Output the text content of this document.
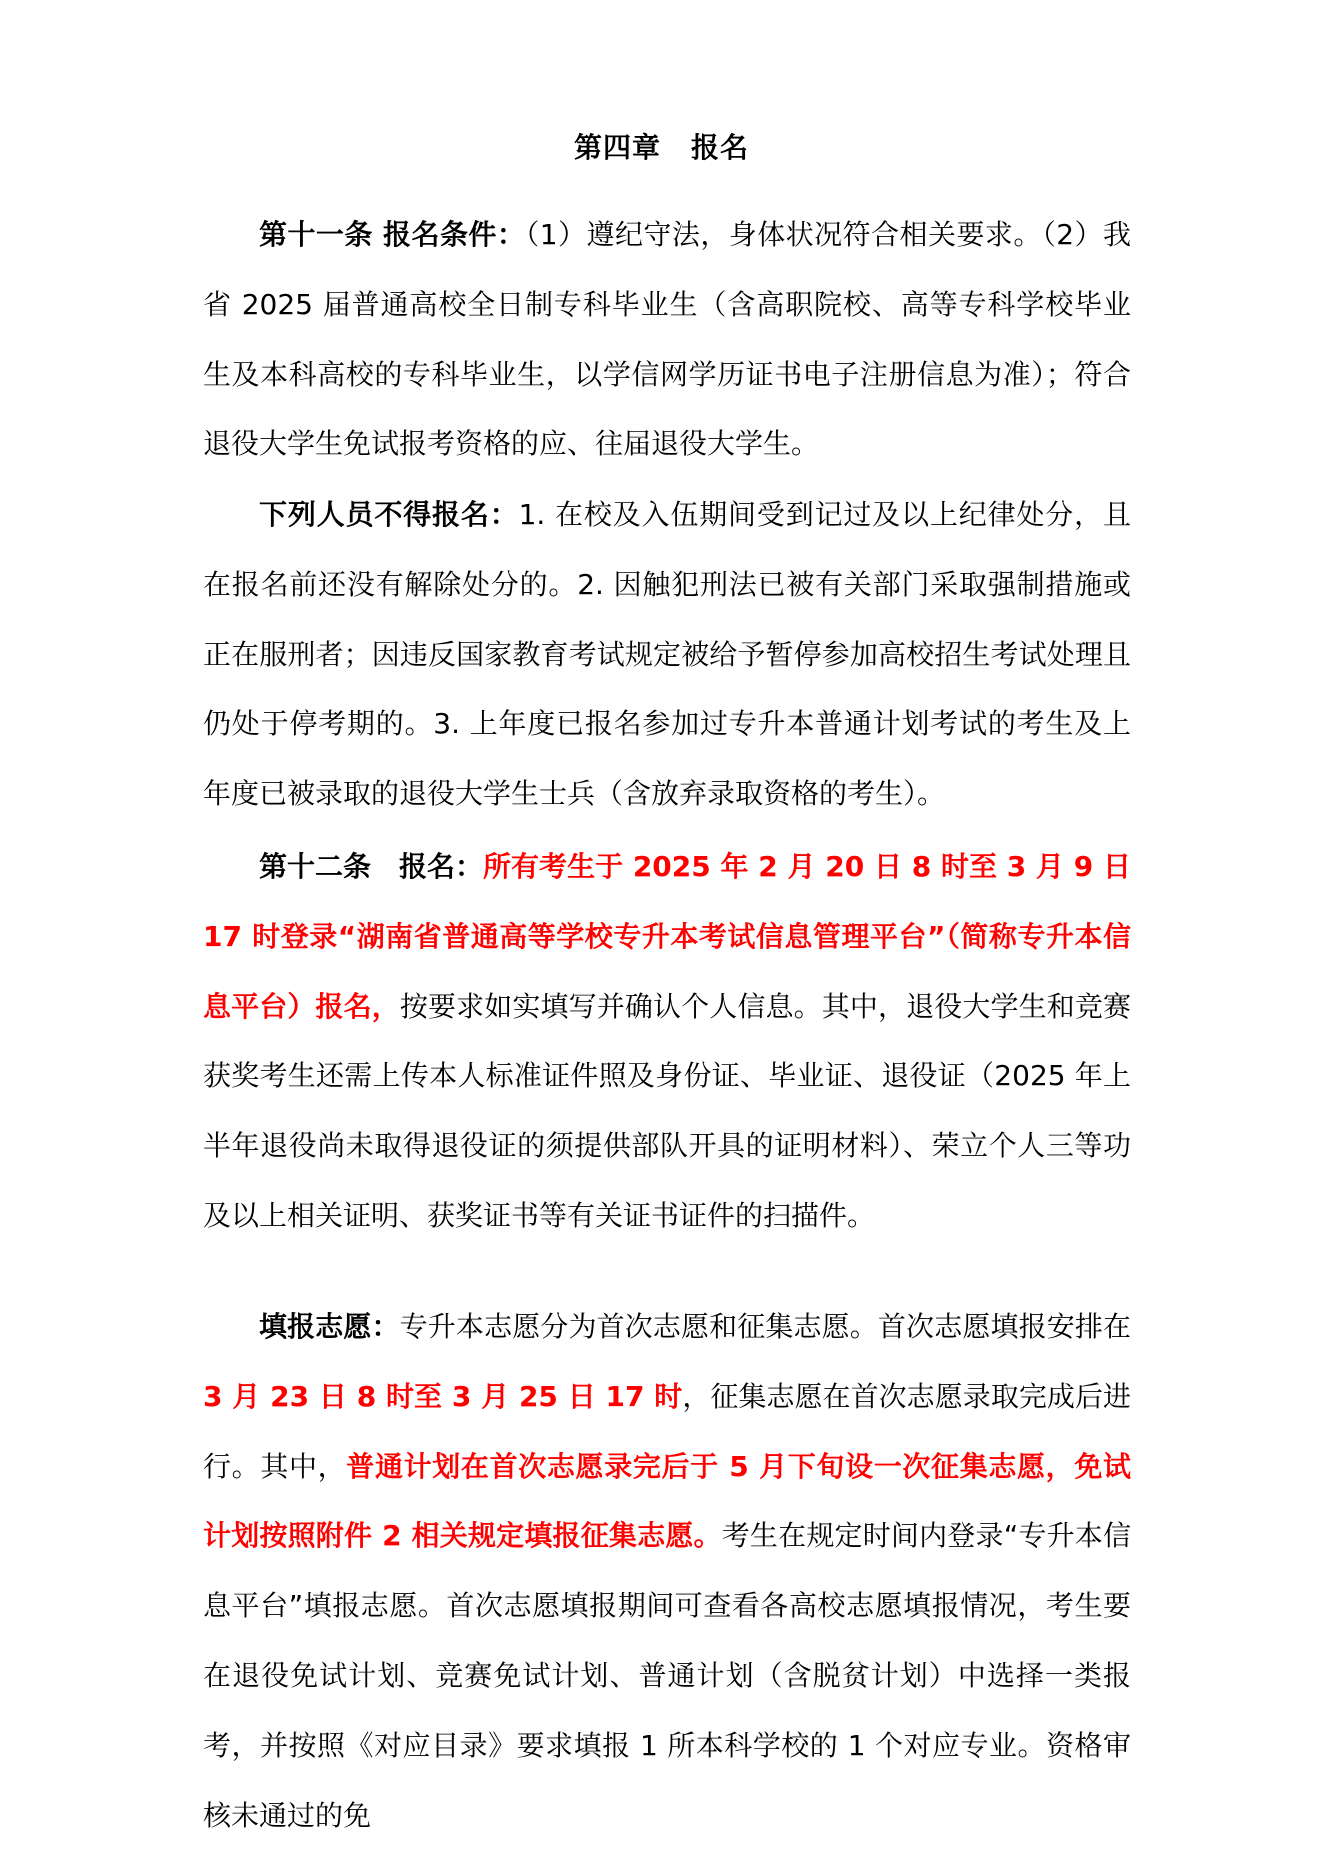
第四章 报名

第十一条 报名条件：（1）遵纪守法，身体状况符合相关要求。（2）我省 2025 届普通高校全日制专科毕业生（含高职院校、高等专科学校毕业生及本科高校的专科毕业生，以学信网学历证书电子注册信息为准）；符合退役大学生免试报考资格的应、往届退役大学生。

下列人员不得报名：1. 在校及入伍期间受到记过及以上纪律处分，且在报名前还没有解除处分的。2. 因触犯刑法已被有关部门采取强制措施或正在服刑者；因违反国家教育考试规定被给予暂停参加高校招生考试处理且仍处于停考期的。3. 上年度已报名参加过专升本普通计划考试的考生及上年度已被录取的退役大学生士兵（含放弃录取资格的考生）。

第十二条　报名：所有考生于 2025 年 2 月 20 日 8 时至 3 月 9 日 17 时登录“湖南省普通高等学校专升本考试信息管理平台”（简称专升本信息平台）报名，按要求如实填写并确认个人信息。其中，退役大学生和竞赛获奖考生还需上传本人标准证件照及身份证、毕业证、退役证（2025 年上半年退役尚未取得退役证的须提供部队开具的证明材料）、荣立个人三等功及以上相关证明、获奖证书等有关证书证件的扫描件。

填报志愿：专升本志愿分为首次志愿和征集志愿。首次志愿填报安排在3 月 23 日 8 时至 3 月 25 日 17 时，征集志愿在首次志愿录取完成后进行。其中，普通计划在首次志愿录完后于 5 月下旬设一次征集志愿，免试计划按照附件 2 相关规定填报征集志愿。考生在规定时间内登录“专升本信息平台”填报志愿。首次志愿填报期间可查看各高校志愿填报情况，考生要在退役免试计划、竞赛免试计划、普通计划（含脱贫计划）中选择一类报考，并按照《对应目录》要求填报 1 所本科学校的 1 个对应专业。资格审核未通过的免
